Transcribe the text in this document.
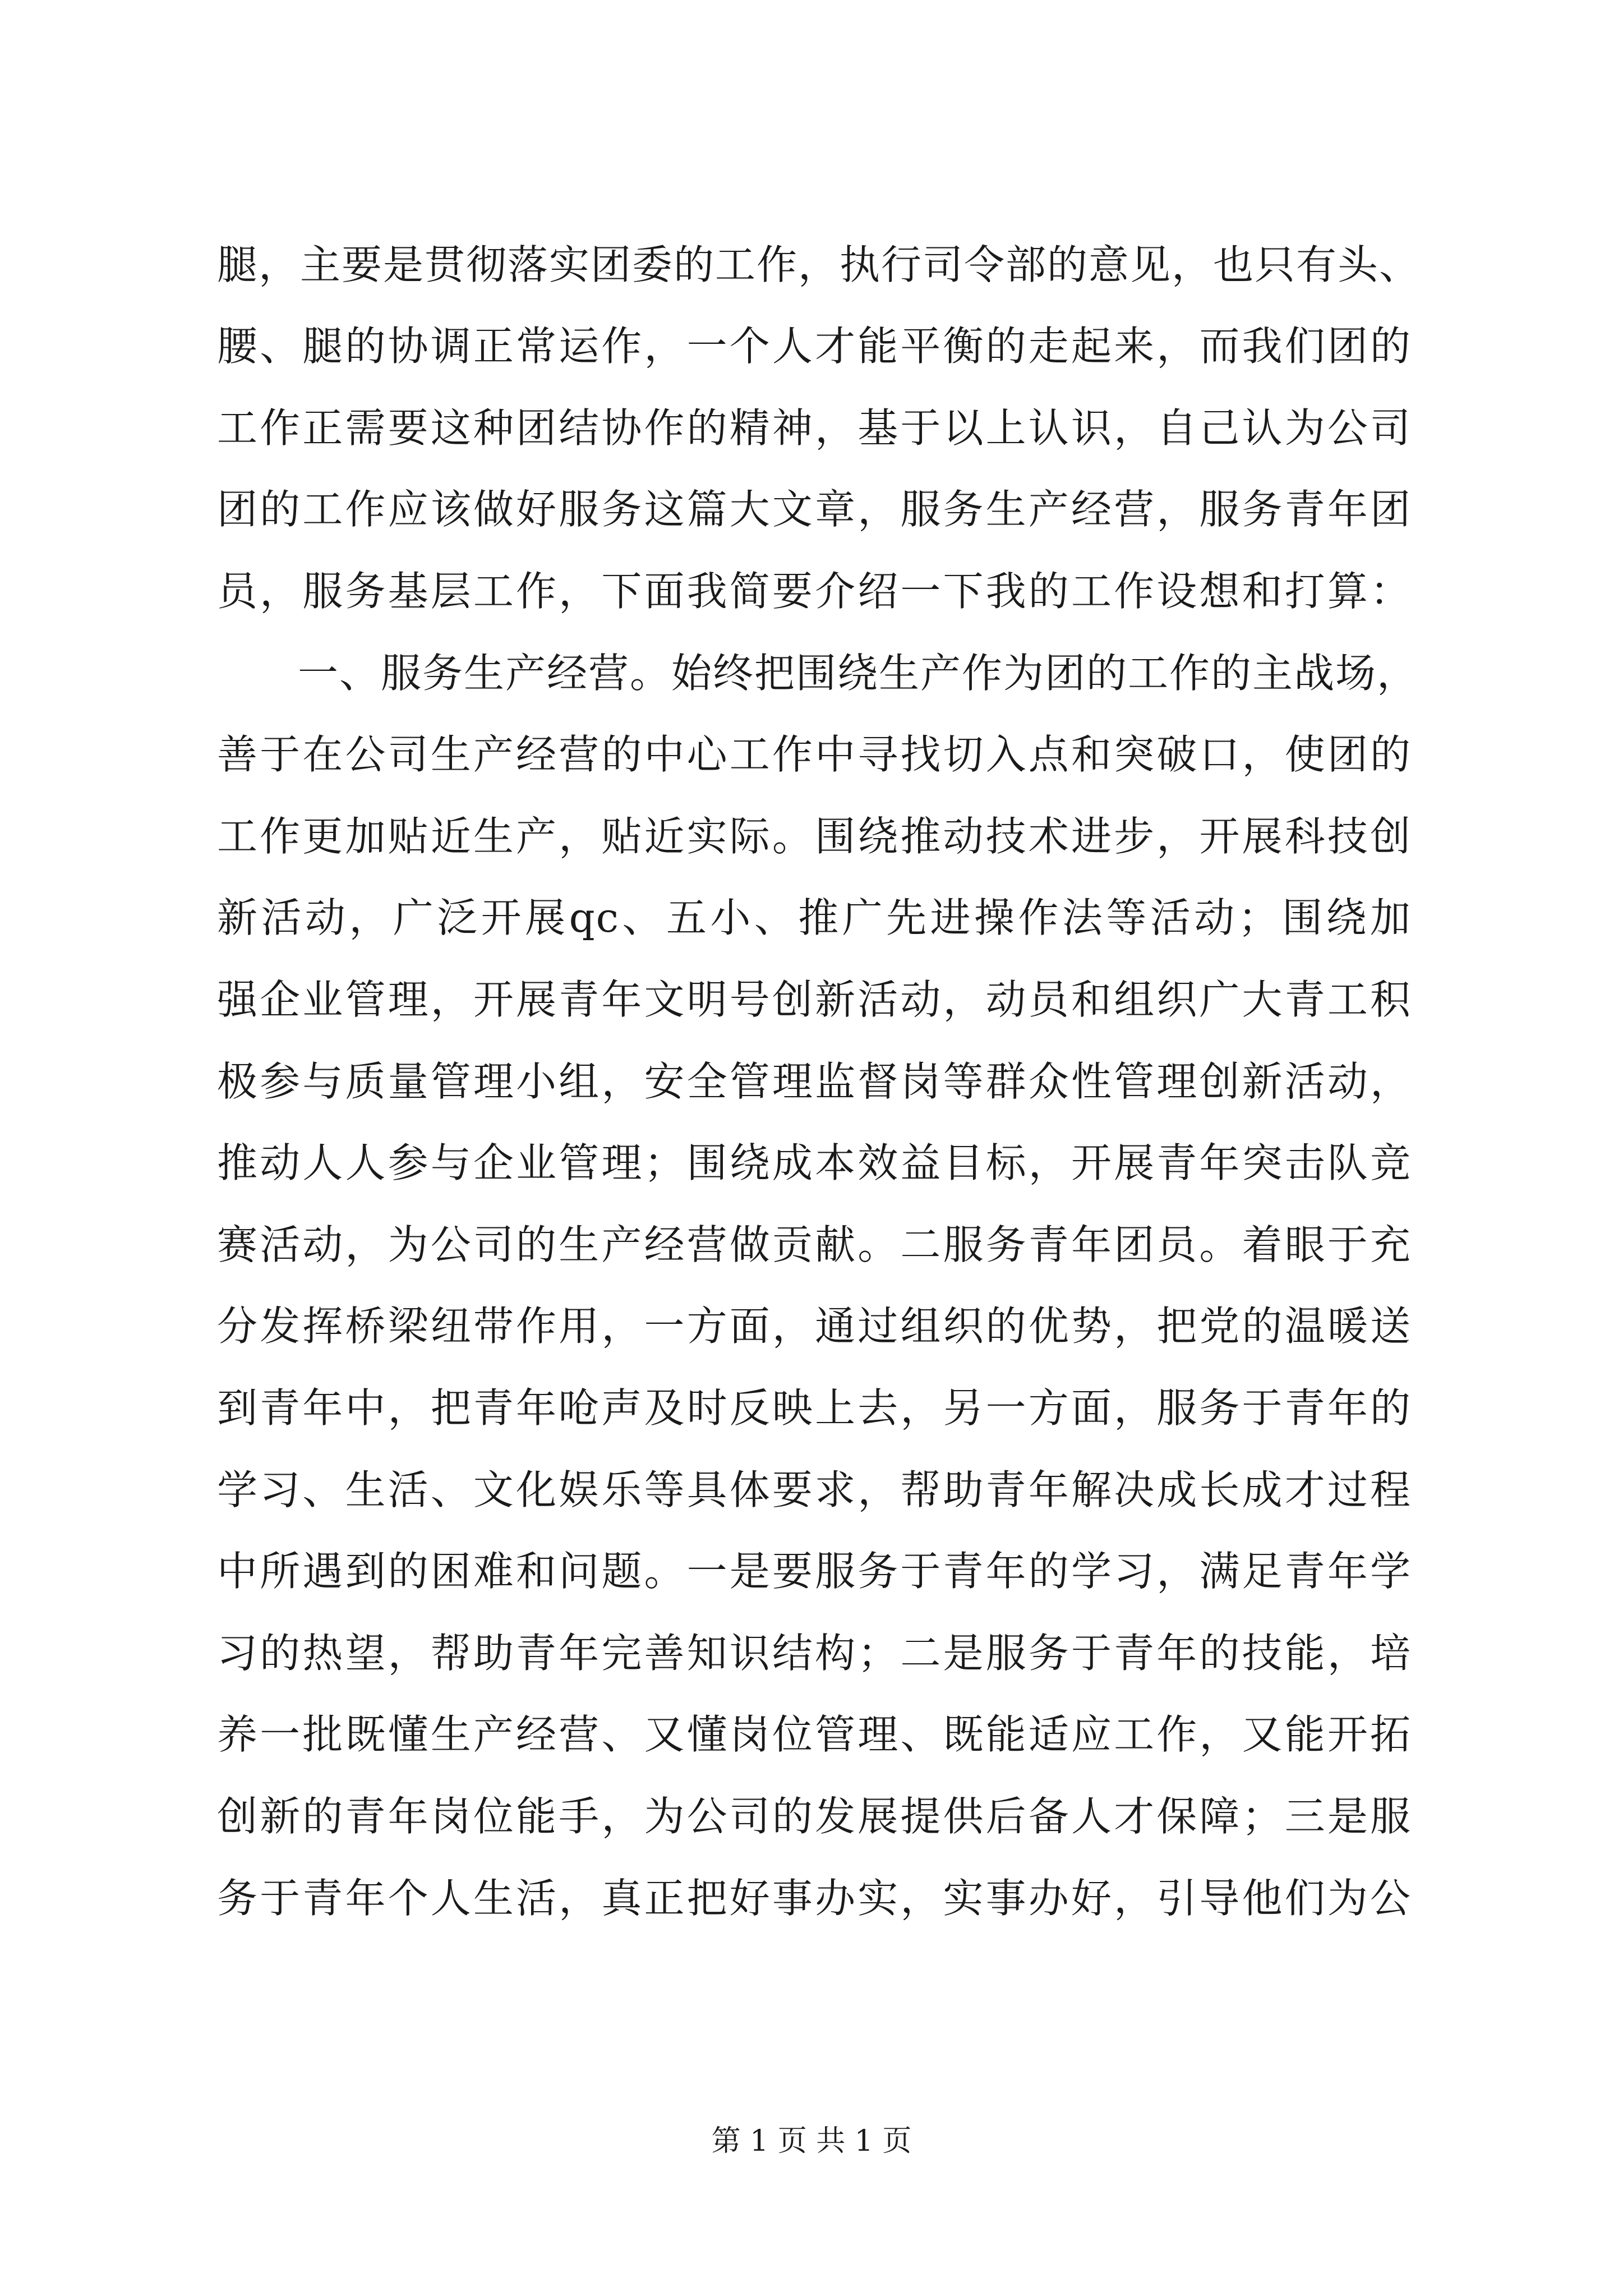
腿，主要是贯彻落实团委的工作，执行司令部的意见，也只有头、
腰、腿的协调正常运作，一个人才能平衡的走起来，而我们团的
工作正需要这种团结协作的精神，基于以上认识，自己认为公司
团的工作应该做好服务这篇大文章，服务生产经营，服务青年团
员，服务基层工作，下面我简要介绍一下我的工作设想和打算：
一、服务生产经营。始终把围绕生产作为团的工作的主战场，
善于在公司生产经营的中心工作中寻找切入点和突破口，使团的
工作更加贴近生产，贴近实际。围绕推动技术进步，开展科技创
新活动，广泛开展qc、五小、推广先进操作法等活动；围绕加
强企业管理，开展青年文明号创新活动，动员和组织广大青工积
极参与质量管理小组，安全管理监督岗等群众性管理创新活动，
推动人人参与企业管理；围绕成本效益目标，开展青年突击队竞
赛活动，为公司的生产经营做贡献。二服务青年团员。着眼于充
分发挥桥梁纽带作用，一方面，通过组织的优势，把党的温暖送
到青年中，把青年呛声及时反映上去，另一方面，服务于青年的
学习、生活、文化娱乐等具体要求，帮助青年解决成长成才过程
中所遇到的困难和问题。一是要服务于青年的学习，满足青年学
习的热望，帮助青年完善知识结构；二是服务于青年的技能，培
养一批既懂生产经营、又懂岗位管理、既能适应工作，又能开拓
创新的青年岗位能手，为公司的发展提供后备人才保障；三是服
务于青年个人生活，真正把好事办实，实事办好，引导他们为公
第 1 页 共 1 页
